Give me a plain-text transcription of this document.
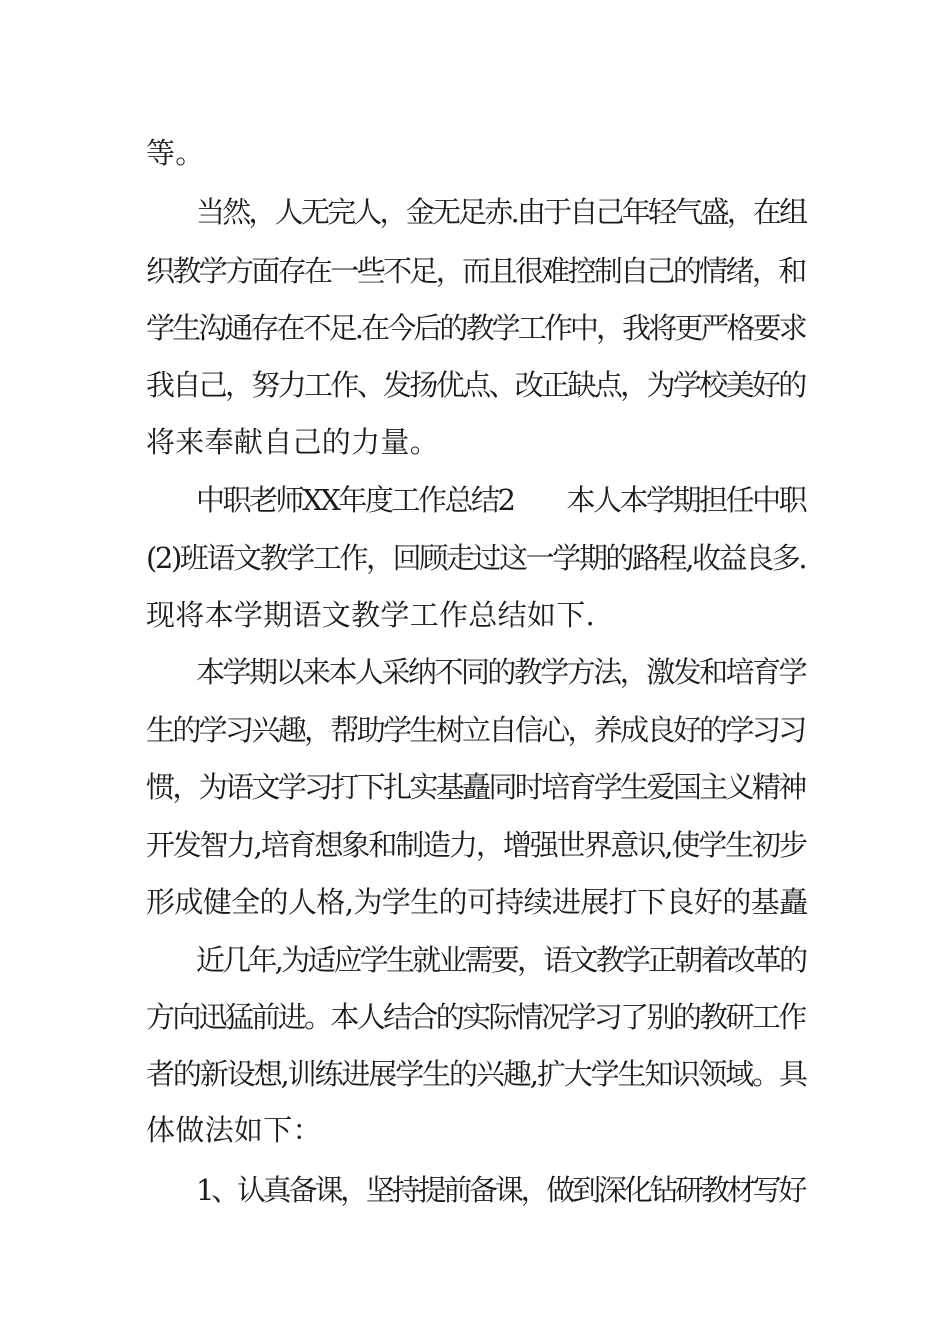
等。
当然，人无完人，金无足赤.由于自己年轻气盛，在组
织教学方面存在一些不足，而且很难控制自己的情绪，和
学生沟通存在不足.在今后的教学工作中，我将更严格要求
我自己，努力工作、发扬优点、改正缺点，为学校美好的
将来奉献自己的力量。
中职老师XX年度工作总结2　　本人本学期担任中职
(2)班语文教学工作，回顾走过这一学期的路程,收益良多.
现将本学期语文教学工作总结如下.
本学期以来本人采纳不同的教学方法，激发和培育学
生的学习兴趣，帮助学生树立自信心，养成良好的学习习
惯，为语文学习打下扎实基矗同时培育学生爱国主义精神
开发智力,培育想象和制造力，增强世界意识,使学生初步
形成健全的人格,为学生的可持续进展打下良好的基矗
近几年,为适应学生就业需要，语文教学正朝着改革的
方向迅猛前进。本人结合的实际情况学习了别的教研工作
者的新设想,训练进展学生的兴趣,扩大学生知识领域。具
体做法如下：
1、认真备课，坚持提前备课，做到深化钻研教材写好
